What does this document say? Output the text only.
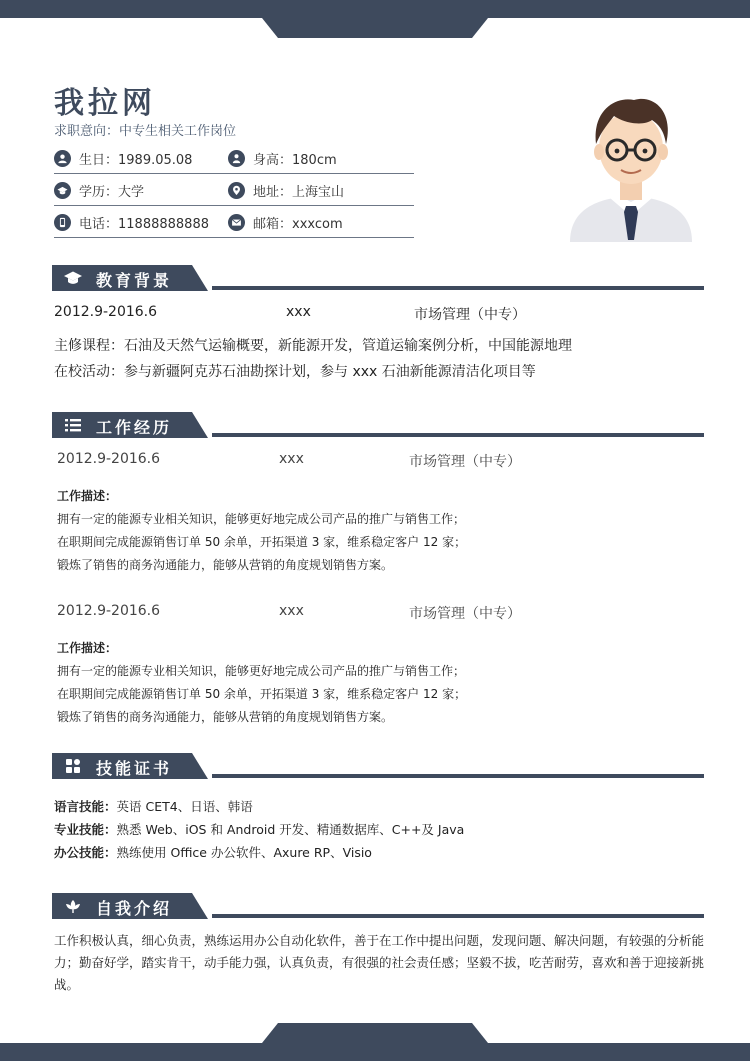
我拉网
求职意向：中专生相关工作岗位
生日：1989.05.08	身高：180cm
学历：大学	地址：上海宝山
电话：11888888888	邮箱：xxxcom
教育背景
2012.9-2016.6	xxx	市场管理（中专）
主修课程：石油及天然气运输概要，新能源开发，管道运输案例分析，中国能源地理
在校活动：参与新疆阿克苏石油勘探计划，参与 xxx 石油新能源清洁化项目等
工作经历
2012.9-2016.6	xxx	市场管理（中专）
工作描述：
拥有一定的能源专业相关知识，能够更好地完成公司产品的推广与销售工作；
在职期间完成能源销售订单 50 余单，开拓渠道 3 家，维系稳定客户 12 家；
锻炼了销售的商务沟通能力，能够从营销的角度规划销售方案。
2012.9-2016.6	xxx	市场管理（中专）
工作描述：
拥有一定的能源专业相关知识，能够更好地完成公司产品的推广与销售工作；
在职期间完成能源销售订单 50 余单，开拓渠道 3 家，维系稳定客户 12 家；
锻炼了销售的商务沟通能力，能够从营销的角度规划销售方案。
技能证书
语言技能：英语 CET4、日语、韩语
专业技能：熟悉 Web、iOS 和 Android 开发、精通数据库、C++及 Java
办公技能：熟练使用 Office 办公软件、Axure RP、Visio
自我介绍
工作积极认真，细心负责，熟练运用办公自动化软件，善于在工作中提出问题，发现问题、解决问题，有较强的分析能力；勤奋好学，踏实肯干，动手能力强，认真负责，有很强的社会责任感；坚毅不拔，吃苦耐劳，喜欢和善于迎接新挑战。
